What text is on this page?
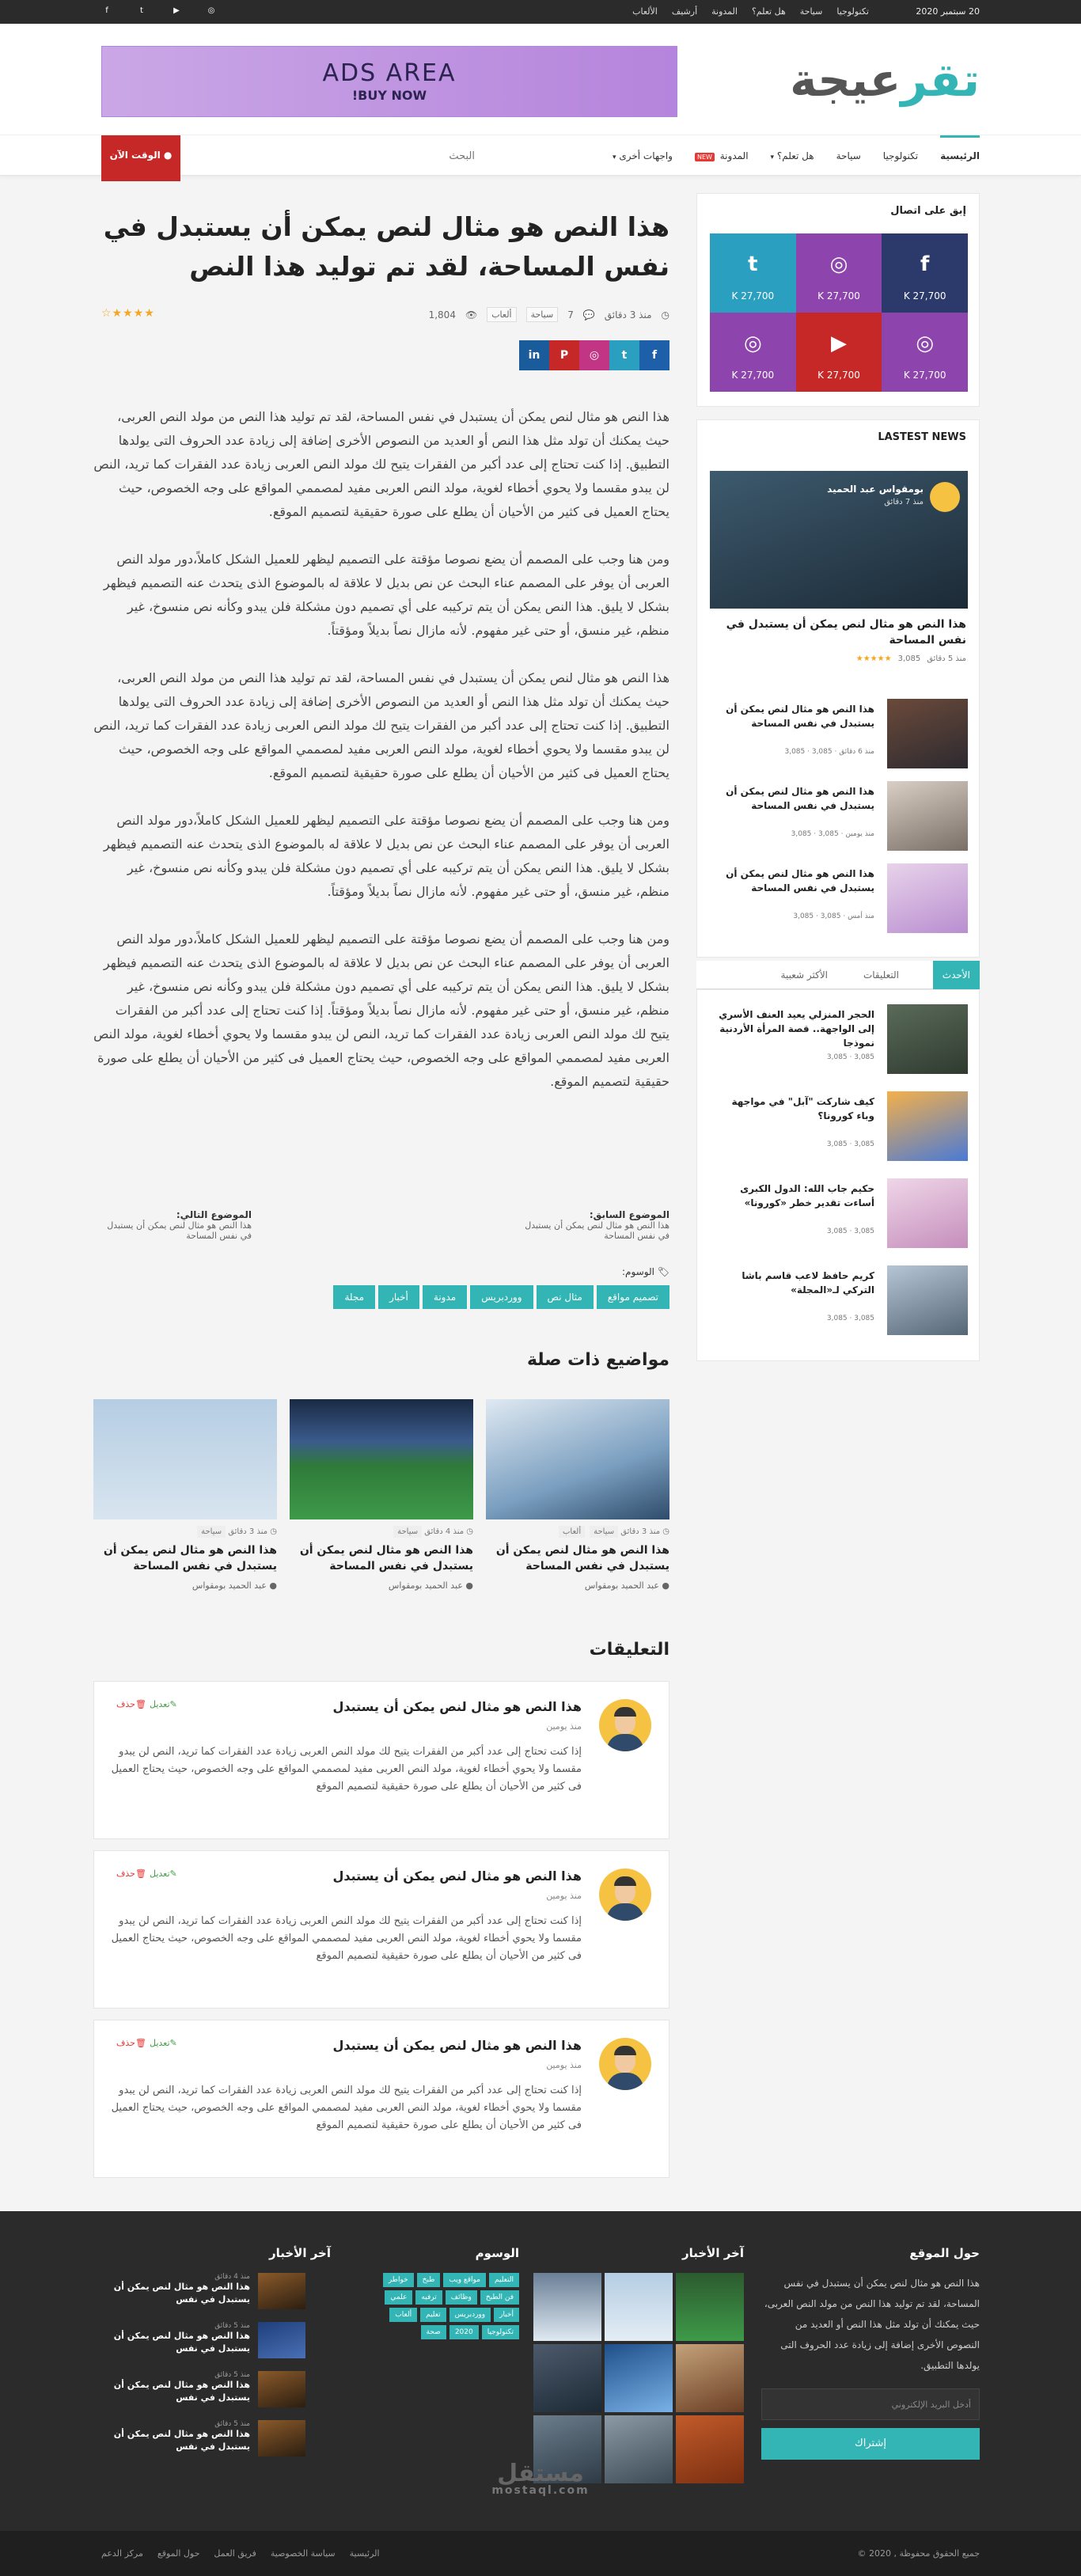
20 سبتمبر 2020
تكنولوجيا
سياحة
هل تعلم؟
المدونة
أرشيف
الألعاب
◎
▶
t
f
تقرعيجة
ADS AREA
BUY NOW!
الرئيسية
تكنولوجيا
سياحة
هل تعلم؟ ▾
المدونة NEW
واجهات أخرى ▾
البحث
● الوقت الآن
هذا النص هو مثال لنص يمكن أن يستبدل في نفس المساحة، لقد تم توليد هذا النص
◷
منذ 3 دقائق
💬
7
سياحة
ألعاب
👁
1,804
★★★★☆
f
t
◎
P
in

هذا النص هو مثال لنص يمكن أن يستبدل في نفس المساحة، لقد تم توليد هذا النص من مولد النص العربى، حيث يمكنك أن تولد مثل هذا النص أو العديد من النصوص الأخرى إضافة إلى زيادة عدد الحروف التى يولدها التطبيق. إذا كنت تحتاج إلى عدد أكبر من الفقرات يتيح لك مولد النص العربى زيادة عدد الفقرات كما تريد، النص لن يبدو مقسما ولا يحوي أخطاء لغوية، مولد النص العربى مفيد لمصممي المواقع على وجه الخصوص، حيث يحتاج العميل فى كثير من الأحيان أن يطلع على صورة حقيقية لتصميم الموقع.

ومن هنا وجب على المصمم أن يضع نصوصا مؤقتة على التصميم ليظهر للعميل الشكل كاملاً،دور مولد النص العربى أن يوفر على المصمم عناء البحث عن نص بديل لا علاقة له بالموضوع الذى يتحدث عنه التصميم فيظهر بشكل لا يليق. هذا النص يمكن أن يتم تركيبه على أي تصميم دون مشكلة فلن يبدو وكأنه نص منسوخ، غير منظم، غير منسق، أو حتى غير مفهوم. لأنه مازال نصاً بديلاً ومؤقتاً.

هذا النص هو مثال لنص يمكن أن يستبدل في نفس المساحة، لقد تم توليد هذا النص من مولد النص العربى، حيث يمكنك أن تولد مثل هذا النص أو العديد من النصوص الأخرى إضافة إلى زيادة عدد الحروف التى يولدها التطبيق. إذا كنت تحتاج إلى عدد أكبر من الفقرات يتيح لك مولد النص العربى زيادة عدد الفقرات كما تريد، النص لن يبدو مقسما ولا يحوي أخطاء لغوية، مولد النص العربى مفيد لمصممي المواقع على وجه الخصوص، حيث يحتاج العميل فى كثير من الأحيان أن يطلع على صورة حقيقية لتصميم الموقع.

ومن هنا وجب على المصمم أن يضع نصوصا مؤقتة على التصميم ليظهر للعميل الشكل كاملاً،دور مولد النص العربى أن يوفر على المصمم عناء البحث عن نص بديل لا علاقة له بالموضوع الذى يتحدث عنه التصميم فيظهر بشكل لا يليق. هذا النص يمكن أن يتم تركيبه على أي تصميم دون مشكلة فلن يبدو وكأنه نص منسوخ، غير منظم، غير منسق، أو حتى غير مفهوم. لأنه مازال نصاً بديلاً ومؤقتاً.

ومن هنا وجب على المصمم أن يضع نصوصا مؤقتة على التصميم ليظهر للعميل الشكل كاملاً،دور مولد النص العربى أن يوفر على المصمم عناء البحث عن نص بديل لا علاقة له بالموضوع الذى يتحدث عنه التصميم فيظهر بشكل لا يليق. هذا النص يمكن أن يتم تركيبه على أي تصميم دون مشكلة فلن يبدو وكأنه نص منسوخ، غير منظم، غير منسق، أو حتى غير مفهوم. لأنه مازال نصاً بديلاً ومؤقتاً. إذا كنت تحتاج إلى عدد أكبر من الفقرات يتيح لك مولد النص العربى زيادة عدد الفقرات كما تريد، النص لن يبدو مقسما ولا يحوي أخطاء لغوية، مولد النص العربى مفيد لمصممي المواقع على وجه الخصوص، حيث يحتاج العميل فى كثير من الأحيان أن يطلع على صورة حقيقية لتصميم الموقع.

الموضوع السابق:
هذا النص هو مثال لنص يمكن أن يستبدل في نفس المساحة
الموضوع التالي:
هذا النص هو مثال لنص يمكن أن يستبدل في نفس المساحة
🏷 الوسوم:
تصميم مواقع
مثال نص
ووردبريس
مدونة
أخبار
مجلة
مواضيع ذات صلة
◷ منذ 3 دقائق سياحةألعاب
هذا النص هو مثال لنص يمكن أن يستبدل في نفس المساحة
● عبد الحميد بومقواس
◷ منذ 4 دقائق سياحة
هذا النص هو مثال لنص يمكن أن يستبدل في نفس المساحة
● عبد الحميد بومقواس
◷ منذ 3 دقائق سياحة
هذا النص هو مثال لنص يمكن أن يستبدل في نفس المساحة
● عبد الحميد بومقواس
التعليقات
هذا النص هو مثال لنص يمكن أن يستبدل
منذ يومين
إذا كنت تحتاج إلى عدد أكبر من الفقرات يتيح لك مولد النص العربى زيادة عدد الفقرات كما تريد، النص لن يبدو مقسما ولا يحوي أخطاء لغوية، مولد النص العربى مفيد لمصممي المواقع على وجه الخصوص، حيث يحتاج العميل فى كثير من الأحيان أن يطلع على صورة حقيقية لتصميم الموقع
✎تعديل
🗑حذف
هذا النص هو مثال لنص يمكن أن يستبدل
منذ يومين
إذا كنت تحتاج إلى عدد أكبر من الفقرات يتيح لك مولد النص العربى زيادة عدد الفقرات كما تريد، النص لن يبدو مقسما ولا يحوي أخطاء لغوية، مولد النص العربى مفيد لمصممي المواقع على وجه الخصوص، حيث يحتاج العميل فى كثير من الأحيان أن يطلع على صورة حقيقية لتصميم الموقع
✎تعديل
🗑حذف
هذا النص هو مثال لنص يمكن أن يستبدل
منذ يومين
إذا كنت تحتاج إلى عدد أكبر من الفقرات يتيح لك مولد النص العربى زيادة عدد الفقرات كما تريد، النص لن يبدو مقسما ولا يحوي أخطاء لغوية، مولد النص العربى مفيد لمصممي المواقع على وجه الخصوص، حيث يحتاج العميل فى كثير من الأحيان أن يطلع على صورة حقيقية لتصميم الموقع
✎تعديل
🗑حذف
إبق على اتصال
f
27,700 K
◎
27,700 K
t
27,700 K
◎
27,700 K
▶
27,700 K
◎
27,700 K
LASTEST NEWS
بومقواس عبد الحميد
منذ 7 دقائق
هذا النص هو مثال لنص يمكن أن يستبدل في نفس المساحة
منذ 5 دقائق
3,085
★★★★★
هذا النص هو مثال لنص يمكن أن يستبدل في نفس المساحة
منذ 6 دقائق · 3,085 · 3,085
هذا النص هو مثال لنص يمكن أن يستبدل في نفس المساحة
منذ يومين · 3,085 · 3,085
هذا النص هو مثال لنص يمكن أن يستبدل في نفس المساحة
منذ أمس · 3,085 · 3,085
الأحدث
التعليقات
الأكثر شعبية
الحجر المنزلي يعيد العنف الأسري إلى الواجهة.. قصة المرأة الأردنية نموذجا
3,085 · 3,085
كيف شاركت "آبل" في مواجهة وباء كورونا؟
3,085 · 3,085
حكيم جاب الله: الدول الكبرى أساءت تقدير خطر «كورونا»
3,085 · 3,085
كريم حافظ لاعب قاسم باشا التركي لـ«المجلة»
3,085 · 3,085
حول الموقع
هذا النص هو مثال لنص يمكن أن يستبدل في نفس المساحة، لقد تم توليد هذا النص من مولد النص العربى، حيث يمكنك أن تولد مثل هذا النص أو العديد من النصوص الأخرى إضافة إلى زيادة عدد الحروف التى يولدها التطبيق.
أدخل البريد الإلكتروني
إشتراك
آخر الأخبار
الوسوم
التعليم
مواقع ويب
طبخ
خواطر
فن الطبخ
وظائف
ترفيه
علمي
أخبار
ووردبريس
تعليم
ألعاب
تكنولوجيا
2020
صحة
آخر الأخبار
منذ 4 دقائق
هذا النص هو مثال لنص يمكن أن يستبدل في نفس
منذ 5 دقائق
هذا النص هو مثال لنص يمكن أن يستبدل في نفس
منذ 5 دقائق
هذا النص هو مثال لنص يمكن أن يستبدل في نفس
منذ 5 دقائق
هذا النص هو مثال لنص يمكن أن يستبدل في نفس
مستقل
mostaql.com
جميع الحقوق محفوظة , 2020 ©
الرئيسية
سياسة الخصوصية
فريق العمل
حول الموقع
مركز الدعم
